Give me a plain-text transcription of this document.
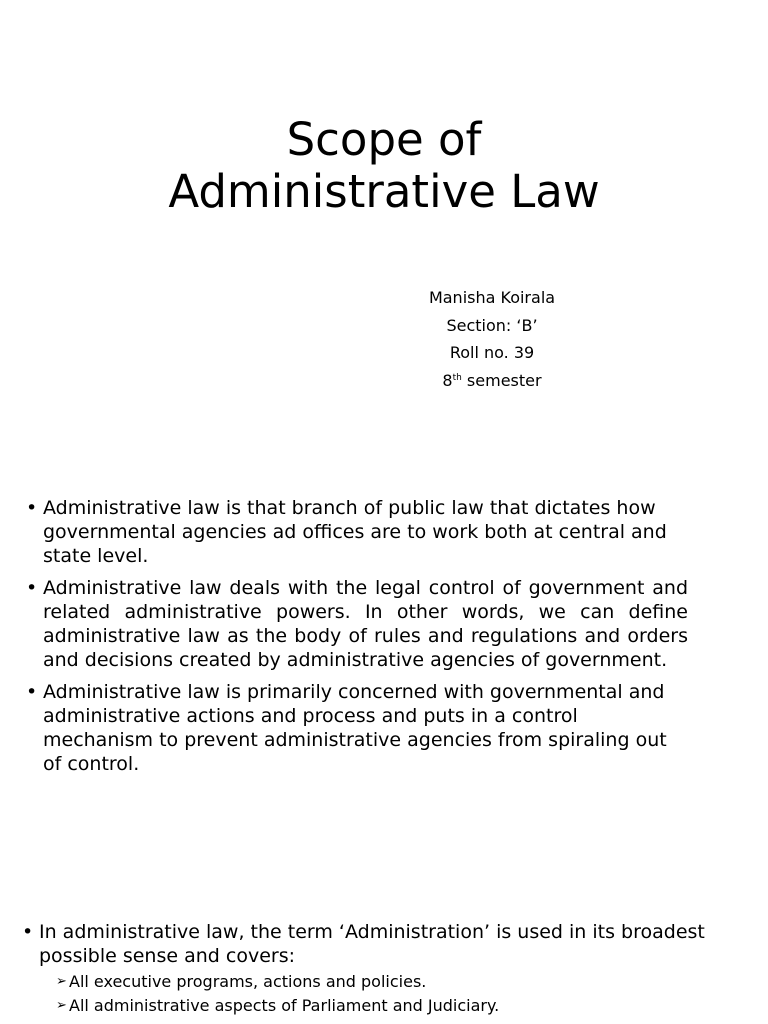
Scope of
Administrative Law
Manisha Koirala
Section: ‘B’
Roll no. 39
8th semester
• Administrative law is that branch of public law that dictates how governmental agencies ad offices are to work both at central and state level.
• Administrative law deals with the legal control of government and related administrative powers. In other words, we can define administrative law as the body of rules and regulations and orders and decisions created by administrative agencies of government.
• Administrative law is primarily concerned with governmental and administrative actions and process and puts in a control mechanism to prevent administrative agencies from spiraling out of control.
• In administrative law, the term ‘Administration’ is used in its broadest possible sense and covers:
➢ All executive programs, actions and policies.
➢ All administrative aspects of Parliament and Judiciary.
